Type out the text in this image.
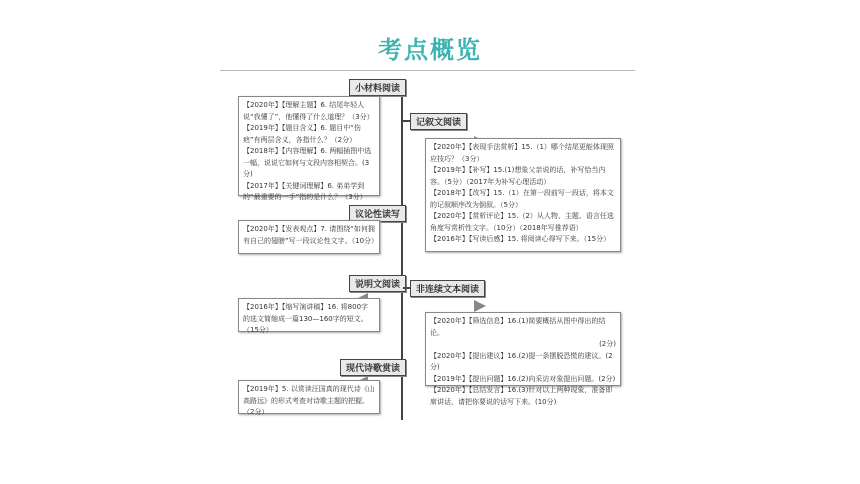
考点概览
小材料阅读

【2020年】【理解主题】6. 结尾年轻人说“我懂了”，他懂得了什么道理？（3分）

【2019年】【题目含义】6. 题目中“伤疤”有两层含义，各指什么？（2分）

【2018年】【内容理解】6. 两幅插图中选一幅，说说它如何与文段内容相契合。(3分)

【2017年】【关键词理解】6. 弟弟学到的“最重要的一手”指的是什么？（3分）

记叙文阅读

【2020年】【表现手法赏析】15.（1）哪个结尾更能体现照应技巧？（3分）

【2019年】【补写】15.(1)想象父亲说的话，补写恰当内容。（5分）（2017年为补写心理活动）

【2018年】【改写】15.（1）在第一段前写一段话，将本文的记叙顺序改为倒叙。（5分）

【2020年】【赏析评论】15.（2）从人物、主题、语言任选角度写赏析性文字。（10分）（2018年写推荐语）

【2016年】【写读后感】15. 将阅读心得写下来。（15分）

议论性读写

【2020年】【发表观点】7. 请围绕“如何拥有自己的翅膀”写一段议论性文字。（10分）

说明文阅读

【2016年】【缩写演讲稿】16. 将800字的选文简缩成一篇130—160字的短文。（15分）

非连续文本阅读

【2020年】【筛选信息】16.(1)简要概括从图中得出的结论。

(2分)

【2020年】【提出建议】16.(2)提一条摆脱恐慌的建议。(2分)

【2019年】【提出问题】16.(2)向采访对象提出问题。(2分)

【2020年】【总结发言】16.(3)针对以上两种现象，准备即席讲话，请把你要说的话写下来。(10分)

现代诗歌赏读

【2019年】5. 以赏读汪国真的现代诗《山高路远》的形式考查对诗歌主题的把握。（2分）
